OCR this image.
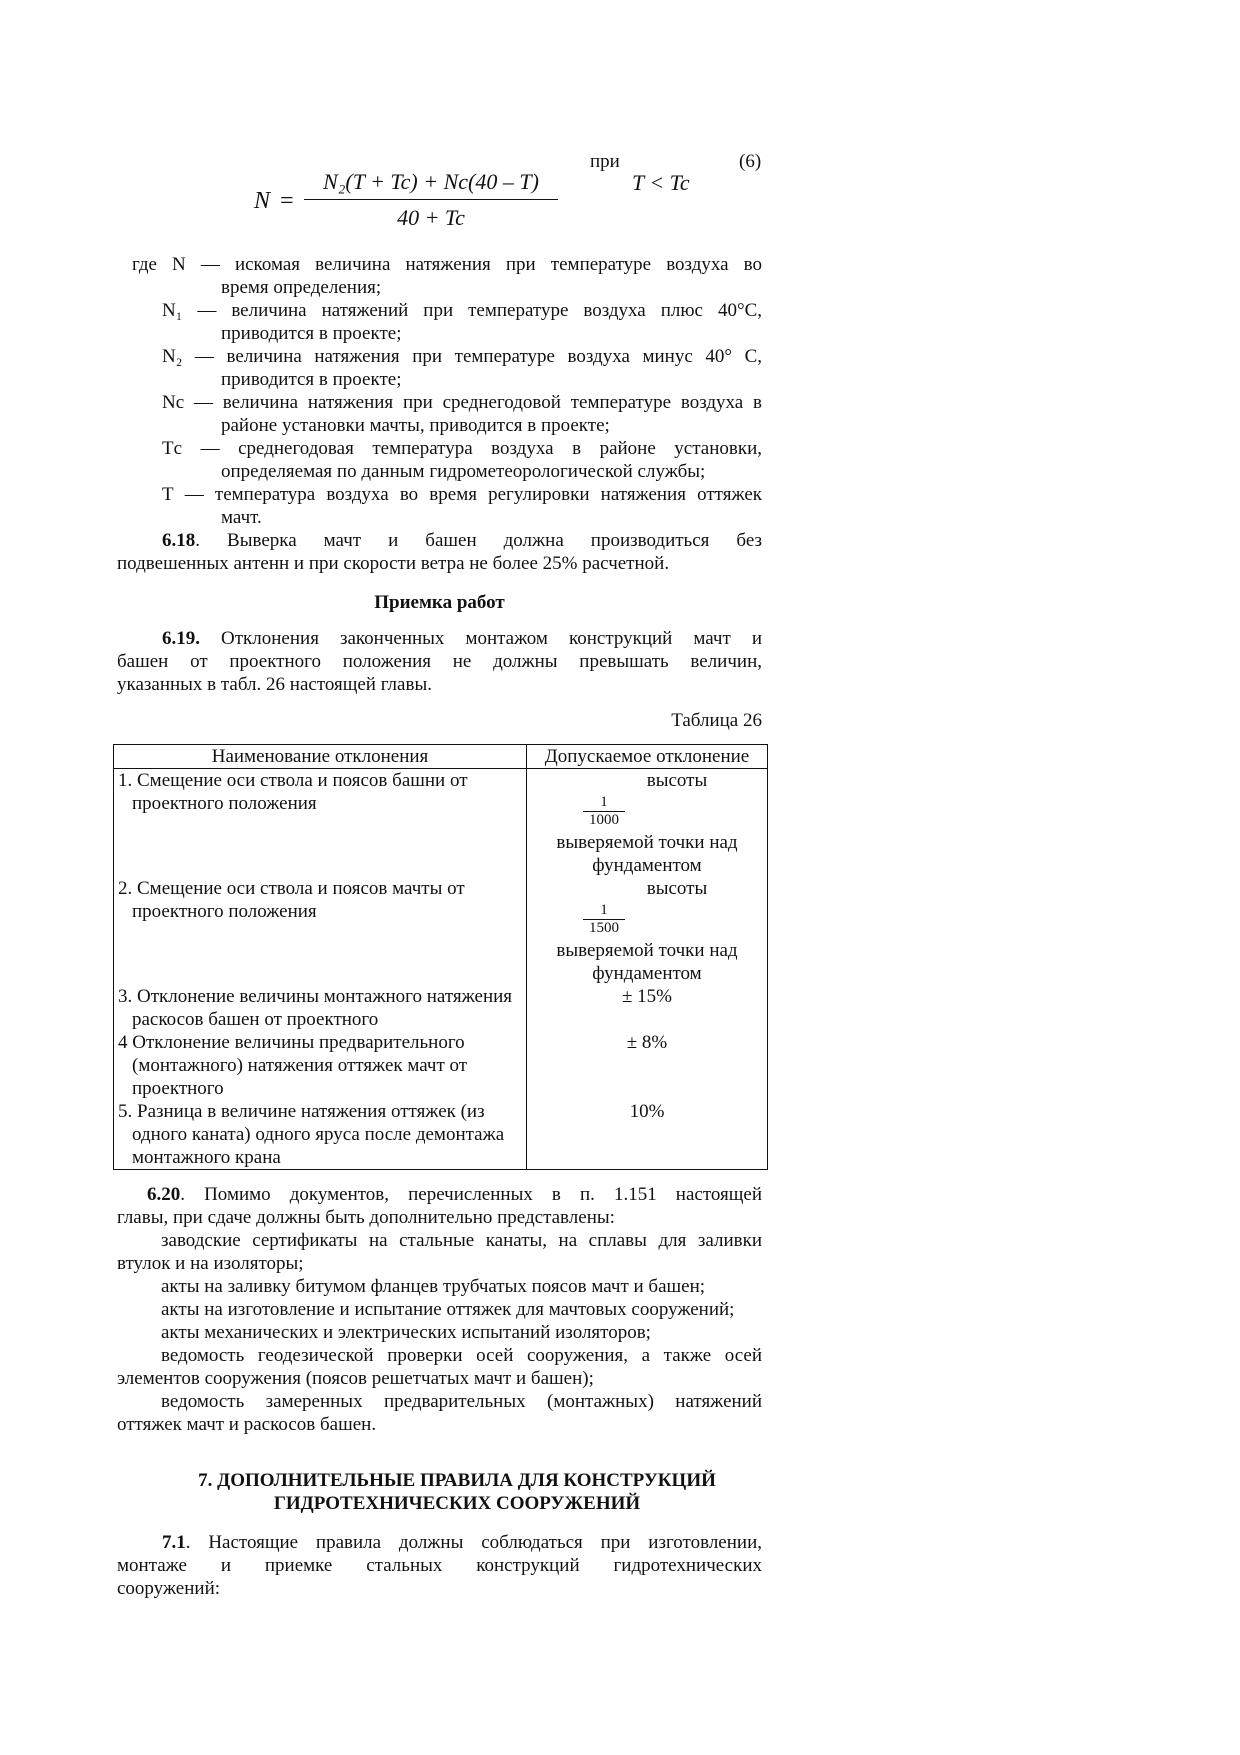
N =
N₂(T + Tc) + Nc(40 – T)
40 + Tc
при
T < Tc
(6)
где N — искомая величина натяжения при температуре воздуха во
время определения;
N₁ — величина натяжений при температуре воздуха плюс 40°С,
приводится в проекте;
N₂ — величина натяжения при температуре воздуха минус 40° С,
приводится в проекте;
Nс — величина натяжения при среднегодовой температуре воздуха в
районе установки мачты, приводится в проекте;
Tс — среднегодовая температура воздуха в районе установки,
определяемая по данным гидрометеорологической службы;
Т — температура воздуха во время регулировки натяжения оттяжек
мачт.
6.18. Выверка мачт и башен должна производиться без
подвешенных антенн и при скорости ветра не более 25% расчетной.
Приемка работ
6.19. Отклонения законченных монтажом конструкций мачт и
башен от проектного положения не должны превышать величин,
указанных в табл. 26 настоящей главы.
Таблица 26
Наименование отклонения	Допускаемое отклонение

1. Смещение оси ствола и поясов башни от проектного положения	высоты
$\frac{1}{1000}$
выверяемой точки над фундаментом

2. Смещение оси ствола и поясов мачты от проектного положения	высоты
$\frac{1}{1500}$
выверяемой точки над фундаментом

3. Отклонение величины монтажного натяжения раскосов башен от проектного	± 15%

4 Отклонение величины предварительного (монтажного) натяжения оттяжек мачт от проектного	± 8%

5. Разница в величине натяжения оттяжек (из одного каната) одного яруса после демонтажа монтажного крана	10%
6.20. Помимо документов, перечисленных в п. 1.151 настоящей
главы, при сдаче должны быть дополнительно представлены:
заводские сертификаты на стальные канаты, на сплавы для заливки втулок и на изоляторы;
акты на заливку битумом фланцев трубчатых поясов мачт и башен;
акты на изготовление и испытание оттяжек для мачтовых сооружений;
акты механических и электрических испытаний изоляторов;
ведомость геодезической проверки осей сооружения, а также осей элементов сооружения (поясов решетчатых мачт и башен);
ведомость замеренных предварительных (монтажных) натяжений оттяжек мачт и раскосов башен.
7. ДОПОЛНИТЕЛЬНЫЕ ПРАВИЛА ДЛЯ КОНСТРУКЦИЙ
ГИДРОТЕХНИЧЕСКИХ СООРУЖЕНИЙ
7.1. Настоящие правила должны соблюдаться при изготовлении,
монтаже и приемке стальных конструкций гидротехнических
сооружений:
